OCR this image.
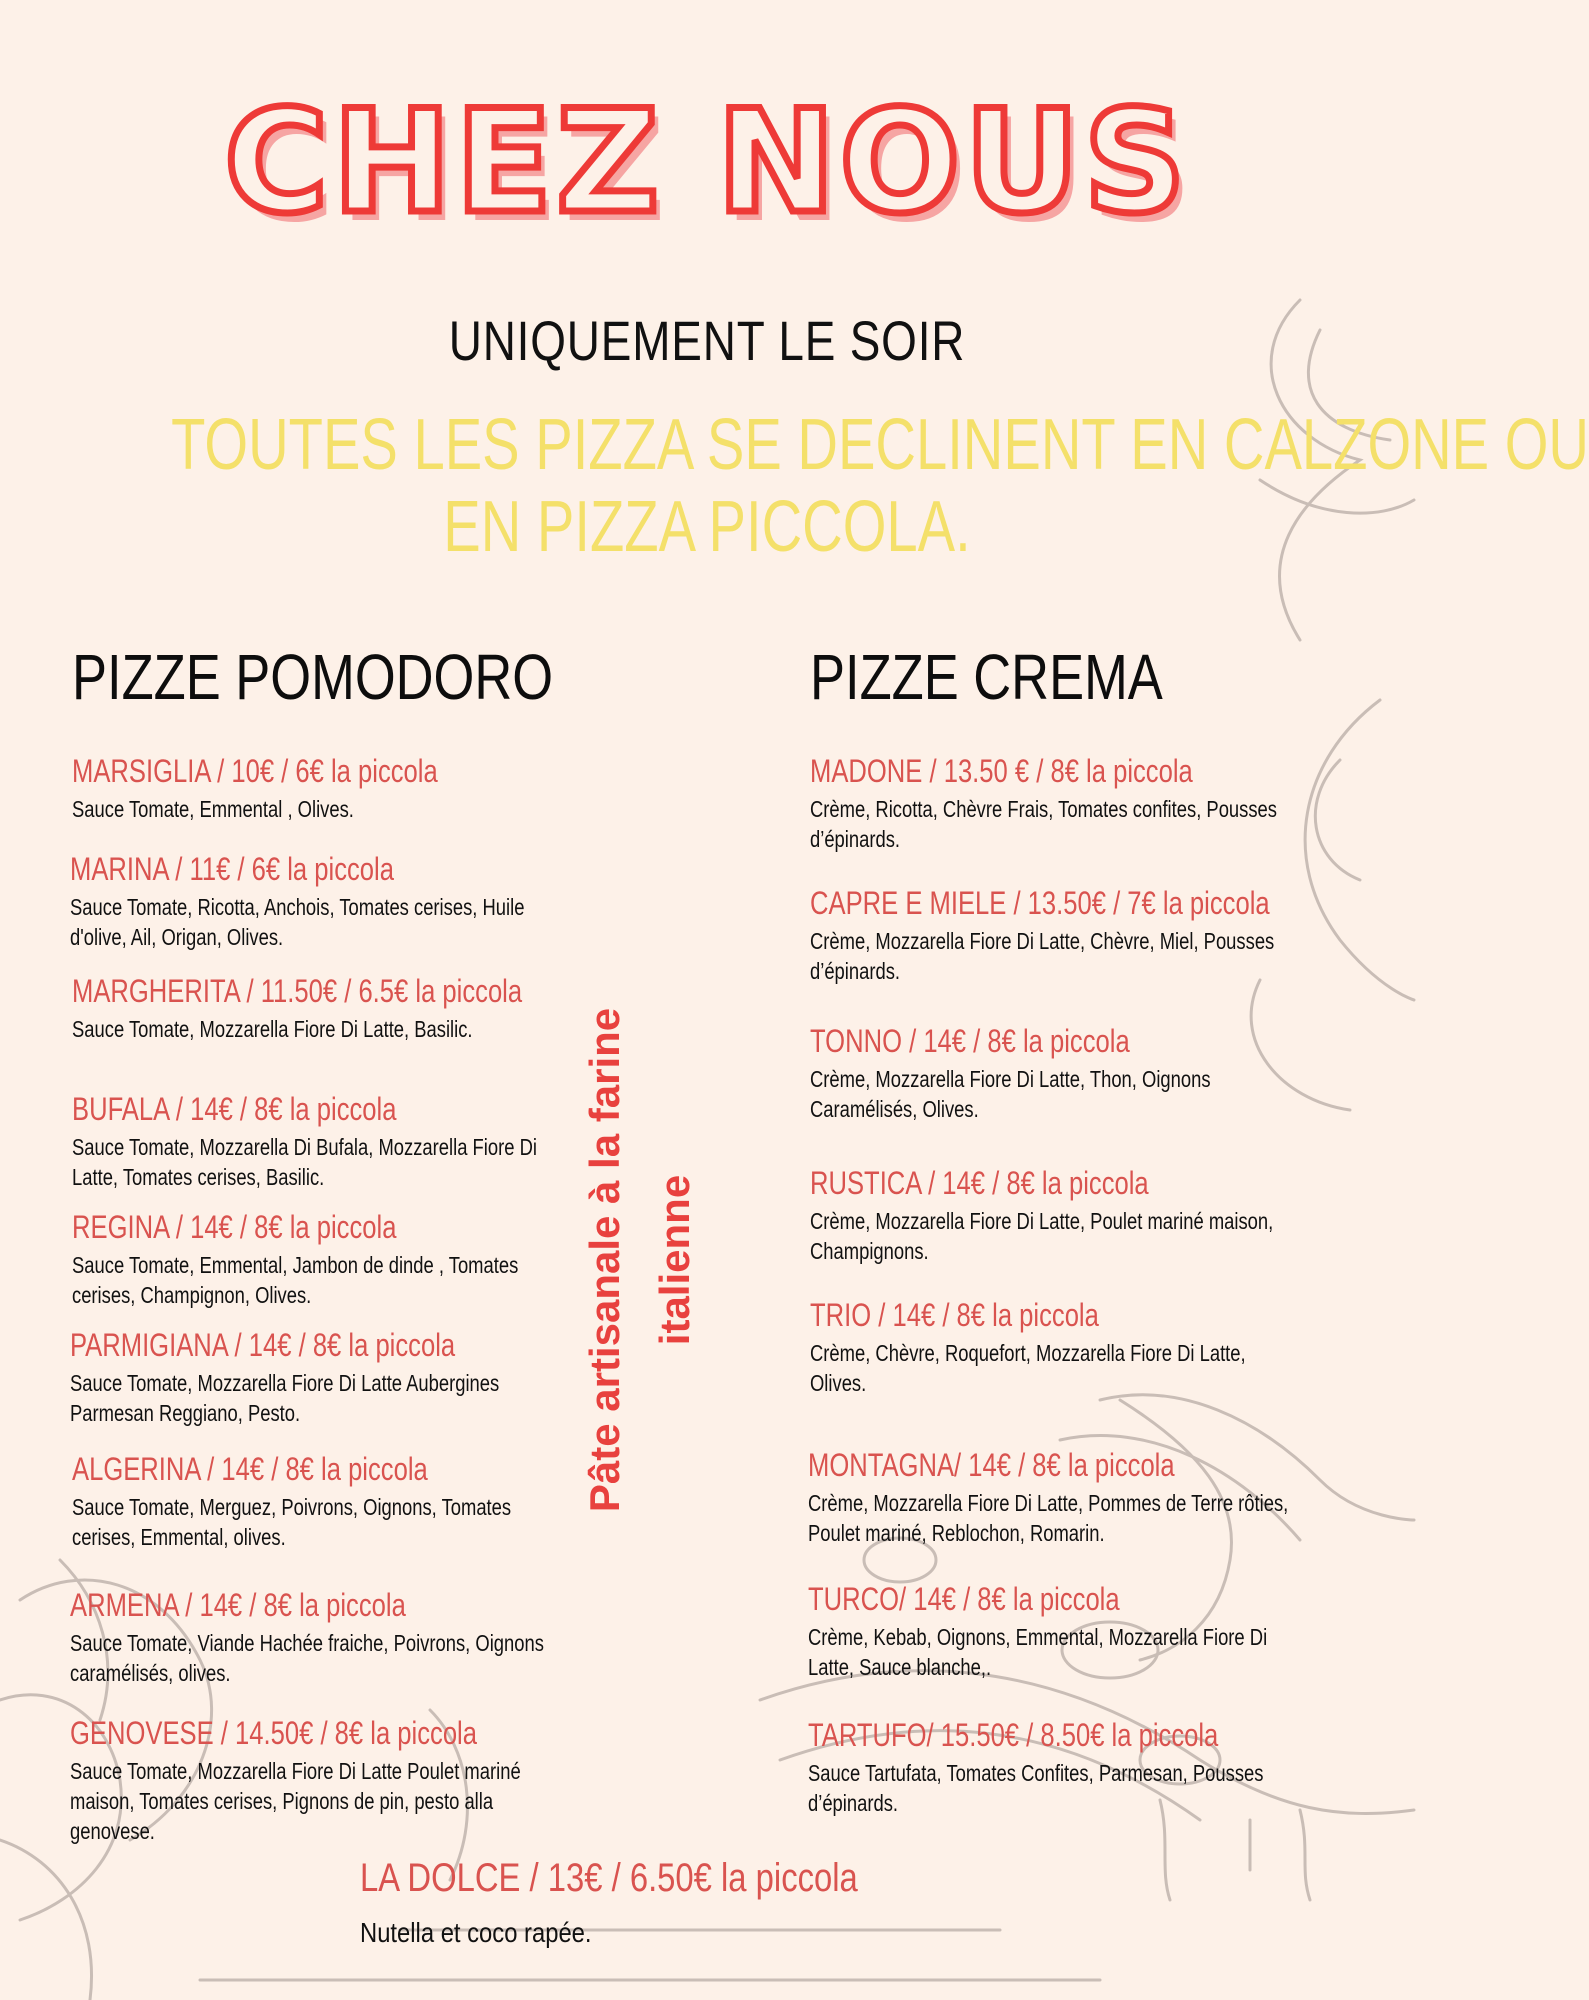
CHEZ NOUS
UNIQUEMENT LE SOIR
TOUTES LES PIZZA SE DECLINENT EN CALZONE OU
EN PIZZA PICCOLA.
PIZZE POMODORO	PIZZE CREMA
MARSIGLIA / 10€ / 6€ la piccola
Sauce Tomate, Emmental , Olives.
MARINA / 11€ / 6€ la piccola
Sauce Tomate, Ricotta, Anchois, Tomates cerises, Huile d'olive, Ail, Origan, Olives.
MARGHERITA / 11.50€ / 6.5€ la piccola
Sauce Tomate, Mozzarella Fiore Di Latte, Basilic.
BUFALA / 14€ / 8€ la piccola
Sauce Tomate, Mozzarella Di Bufala, Mozzarella Fiore Di Latte, Tomates cerises, Basilic.
REGINA / 14€ / 8€ la piccola
Sauce Tomate, Emmental, Jambon de dinde , Tomates cerises, Champignon, Olives.
PARMIGIANA / 14€ / 8€ la piccola
Sauce Tomate, Mozzarella Fiore Di Latte Aubergines Parmesan Reggiano, Pesto.
ALGERINA / 14€ / 8€ la piccola
Sauce Tomate, Merguez, Poivrons, Oignons, Tomates cerises, Emmental, olives.
ARMENA / 14€ / 8€ la piccola
Sauce Tomate, Viande Hachée fraiche, Poivrons, Oignons caramélisés, olives.
GENOVESE / 14.50€ / 8€ la piccola
Sauce Tomate, Mozzarella Fiore Di Latte Poulet mariné maison, Tomates cerises, Pignons de pin, pesto alla genovese.
Pâte artisanale à la farine italienne
MADONE / 13.50 € / 8€ la piccola
Crème, Ricotta, Chèvre Frais, Tomates confites, Pousses d’épinards.
CAPRE E MIELE / 13.50€ / 7€ la piccola
Crème, Mozzarella Fiore Di Latte, Chèvre, Miel, Pousses d’épinards.
TONNO / 14€ / 8€ la piccola
Crème, Mozzarella Fiore Di Latte, Thon, Oignons Caramélisés, Olives.
RUSTICA / 14€ / 8€ la piccola
Crème, Mozzarella Fiore Di Latte, Poulet mariné maison, Champignons.
TRIO / 14€ / 8€ la piccola
Crème, Chèvre, Roquefort, Mozzarella Fiore Di Latte, Olives.
MONTAGNA/ 14€ / 8€ la piccola
Crème, Mozzarella Fiore Di Latte, Pommes de Terre rôties, Poulet mariné, Reblochon, Romarin.
TURCO/ 14€ / 8€ la piccola
Crème, Kebab, Oignons, Emmental, Mozzarella Fiore Di Latte, Sauce blanche,.
TARTUFO/ 15.50€ / 8.50€ la piccola
Sauce Tartufata, Tomates Confites, Parmesan, Pousses d’épinards.
LA DOLCE / 13€ / 6.50€ la piccola
Nutella et coco rapée.
